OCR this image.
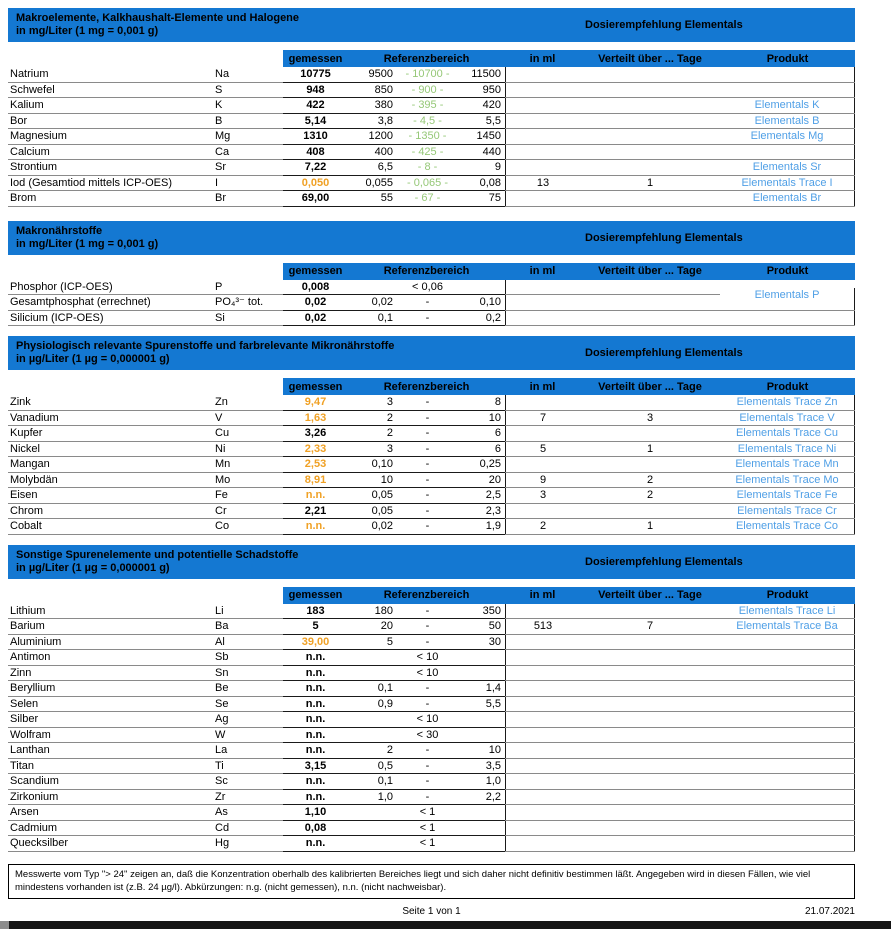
Makroelemente, Kalkhaushalt-Elemente und Halogene
in mg/Liter (1 mg = 0,001 g)	Dosierempfehlung Elementals
gemessen	Referenzbereich	in ml	Verteilt über ... Tage	Produkt
Natrium	Na	10775	9500	- 10700 -	11500
Schwefel	S	948	850	- 900 -	950
Kalium	K	422	380	- 395 -	420	Elementals K
Bor	B	5,14	3,8	- 4,5 -	5,5	Elementals B
Magnesium	Mg	1310	1200	- 1350 -	1450	Elementals Mg
Calcium	Ca	408	400	- 425 -	440
Strontium	Sr	7,22	6,5	- 8 -	9	Elementals Sr
Iod (Gesamtiod mittels ICP-OES)	I	0,050	0,055	- 0,065 -	0,08	13	1	Elementals Trace I
Brom	Br	69,00	55	- 67 -	75	Elementals Br
Makronährstoffe
in mg/Liter (1 mg = 0,001 g)	Dosierempfehlung Elementals
gemessen	Referenzbereich	in ml	Verteilt über ... Tage	Produkt
Phosphor (ICP-OES)	P	0,008	< 0,06
Elementals P
Gesamtphosphat (errechnet)	PO₄³⁻ tot.	0,02	0,02	-	0,10
Silicium (ICP-OES)	Si	0,02	0,1	-	0,2
Physiologisch relevante Spurenstoffe und farbrelevante Mikronährstoffe
in µg/Liter (1 µg = 0,000001 g)	Dosierempfehlung Elementals
gemessen	Referenzbereich	in ml	Verteilt über ... Tage	Produkt
Zink	Zn	9,47	3	-	8	Elementals Trace Zn
Vanadium	V	1,63	2	-	10	7	3	Elementals Trace V
Kupfer	Cu	3,26	2	-	6	Elementals Trace Cu
Nickel	Ni	2,33	3	-	6	5	1	Elementals Trace Ni
Mangan	Mn	2,53	0,10	-	0,25	Elementals Trace Mn
Molybdän	Mo	8,91	10	-	20	9	2	Elementals Trace Mo
Eisen	Fe	n.n.	0,05	-	2,5	3	2	Elementals Trace Fe
Chrom	Cr	2,21	0,05	-	2,3	Elementals Trace Cr
Cobalt	Co	n.n.	0,02	-	1,9	2	1	Elementals Trace Co
Sonstige Spurenelemente und potentielle Schadstoffe
in µg/Liter (1 µg = 0,000001 g)	Dosierempfehlung Elementals
gemessen	Referenzbereich	in ml	Verteilt über ... Tage	Produkt
Lithium	Li	183	180	-	350	Elementals Trace Li
Barium	Ba	5	20	-	50	513	7	Elementals Trace Ba
Aluminium	Al	39,00	5	-	30
Antimon	Sb	n.n.	< 10
Zinn	Sn	n.n.	< 10
Beryllium	Be	n.n.	0,1	-	1,4
Selen	Se	n.n.	0,9	-	5,5
Silber	Ag	n.n.	< 10
Wolfram	W	n.n.	< 30
Lanthan	La	n.n.	2	-	10
Titan	Ti	3,15	0,5	-	3,5
Scandium	Sc	n.n.	0,1	-	1,0
Zirkonium	Zr	n.n.	1,0	-	2,2
Arsen	As	1,10	< 1
Cadmium	Cd	0,08	< 1
Quecksilber	Hg	n.n.	< 1
Messwerte vom Typ "> 24" zeigen an, daß die Konzentration oberhalb des kalibrierten Bereiches liegt und sich daher nicht definitiv bestimmen läßt. Angegeben wird in diesen Fällen, wie viel mindestens vorhanden ist (z.B. 24 µg/l). Abkürzungen: n.g. (nicht gemessen), n.n. (nicht nachweisbar).
Seite 1 von 1	21.07.2021
